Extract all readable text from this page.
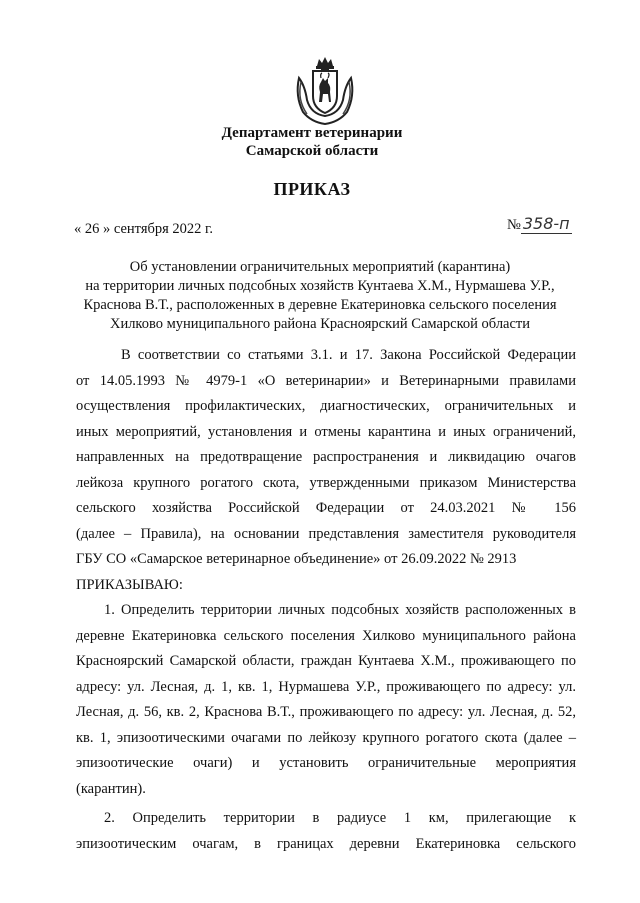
Департамент ветеринарии
Самарской области
ПРИКАЗ
« 26 » сентября 2022 г.	№ 358-п
Об установлении ограничительных мероприятий (карантина)
на территории личных подсобных хозяйств Кунтаева Х.М., Нурмашева У.Р.,
Краснова В.Т., расположенных в деревне Екатериновка сельского поселения
Хилково муниципального района Красноярский Самарской области

В соответствии со статьями 3.1. и 17. Закона Российской Федерации
от 14.05.1993 № 4979-1 «О ветеринарии» и Ветеринарными правилами
осуществления профилактических, диагностических, ограничительных и
иных мероприятий, установления и отмены карантина и иных ограничений,
направленных на предотвращение распространения и ликвидацию очагов
лейкоза крупного рогатого скота, утвержденными приказом Министерства
сельского хозяйства Российской Федерации от 24.03.2021 № 156
(далее – Правила), на основании представления заместителя руководителя
ГБУ СО «Самарское ветеринарное объединение» от 26.09.2022 № 2913
ПРИКАЗЫВАЮ:

1. Определить территории личных подсобных хозяйств расположенных в
деревне Екатериновка сельского поселения Хилково муниципального района
Красноярский Самарской области, граждан Кунтаева Х.М., проживающего по
адресу: ул. Лесная, д. 1, кв. 1, Нурмашева У.Р., проживающего по адресу: ул.
Лесная, д. 56, кв. 2, Краснова В.Т., проживающего по адресу: ул. Лесная, д. 52,
кв. 1, эпизоотическими очагами по лейкозу крупного рогатого скота (далее –
эпизоотические очаги) и установить ограничительные мероприятия
(карантин).

2. Определить территории в радиусе 1 км, прилегающие к
эпизоотическим очагам, в границах деревни Екатериновка сельского
